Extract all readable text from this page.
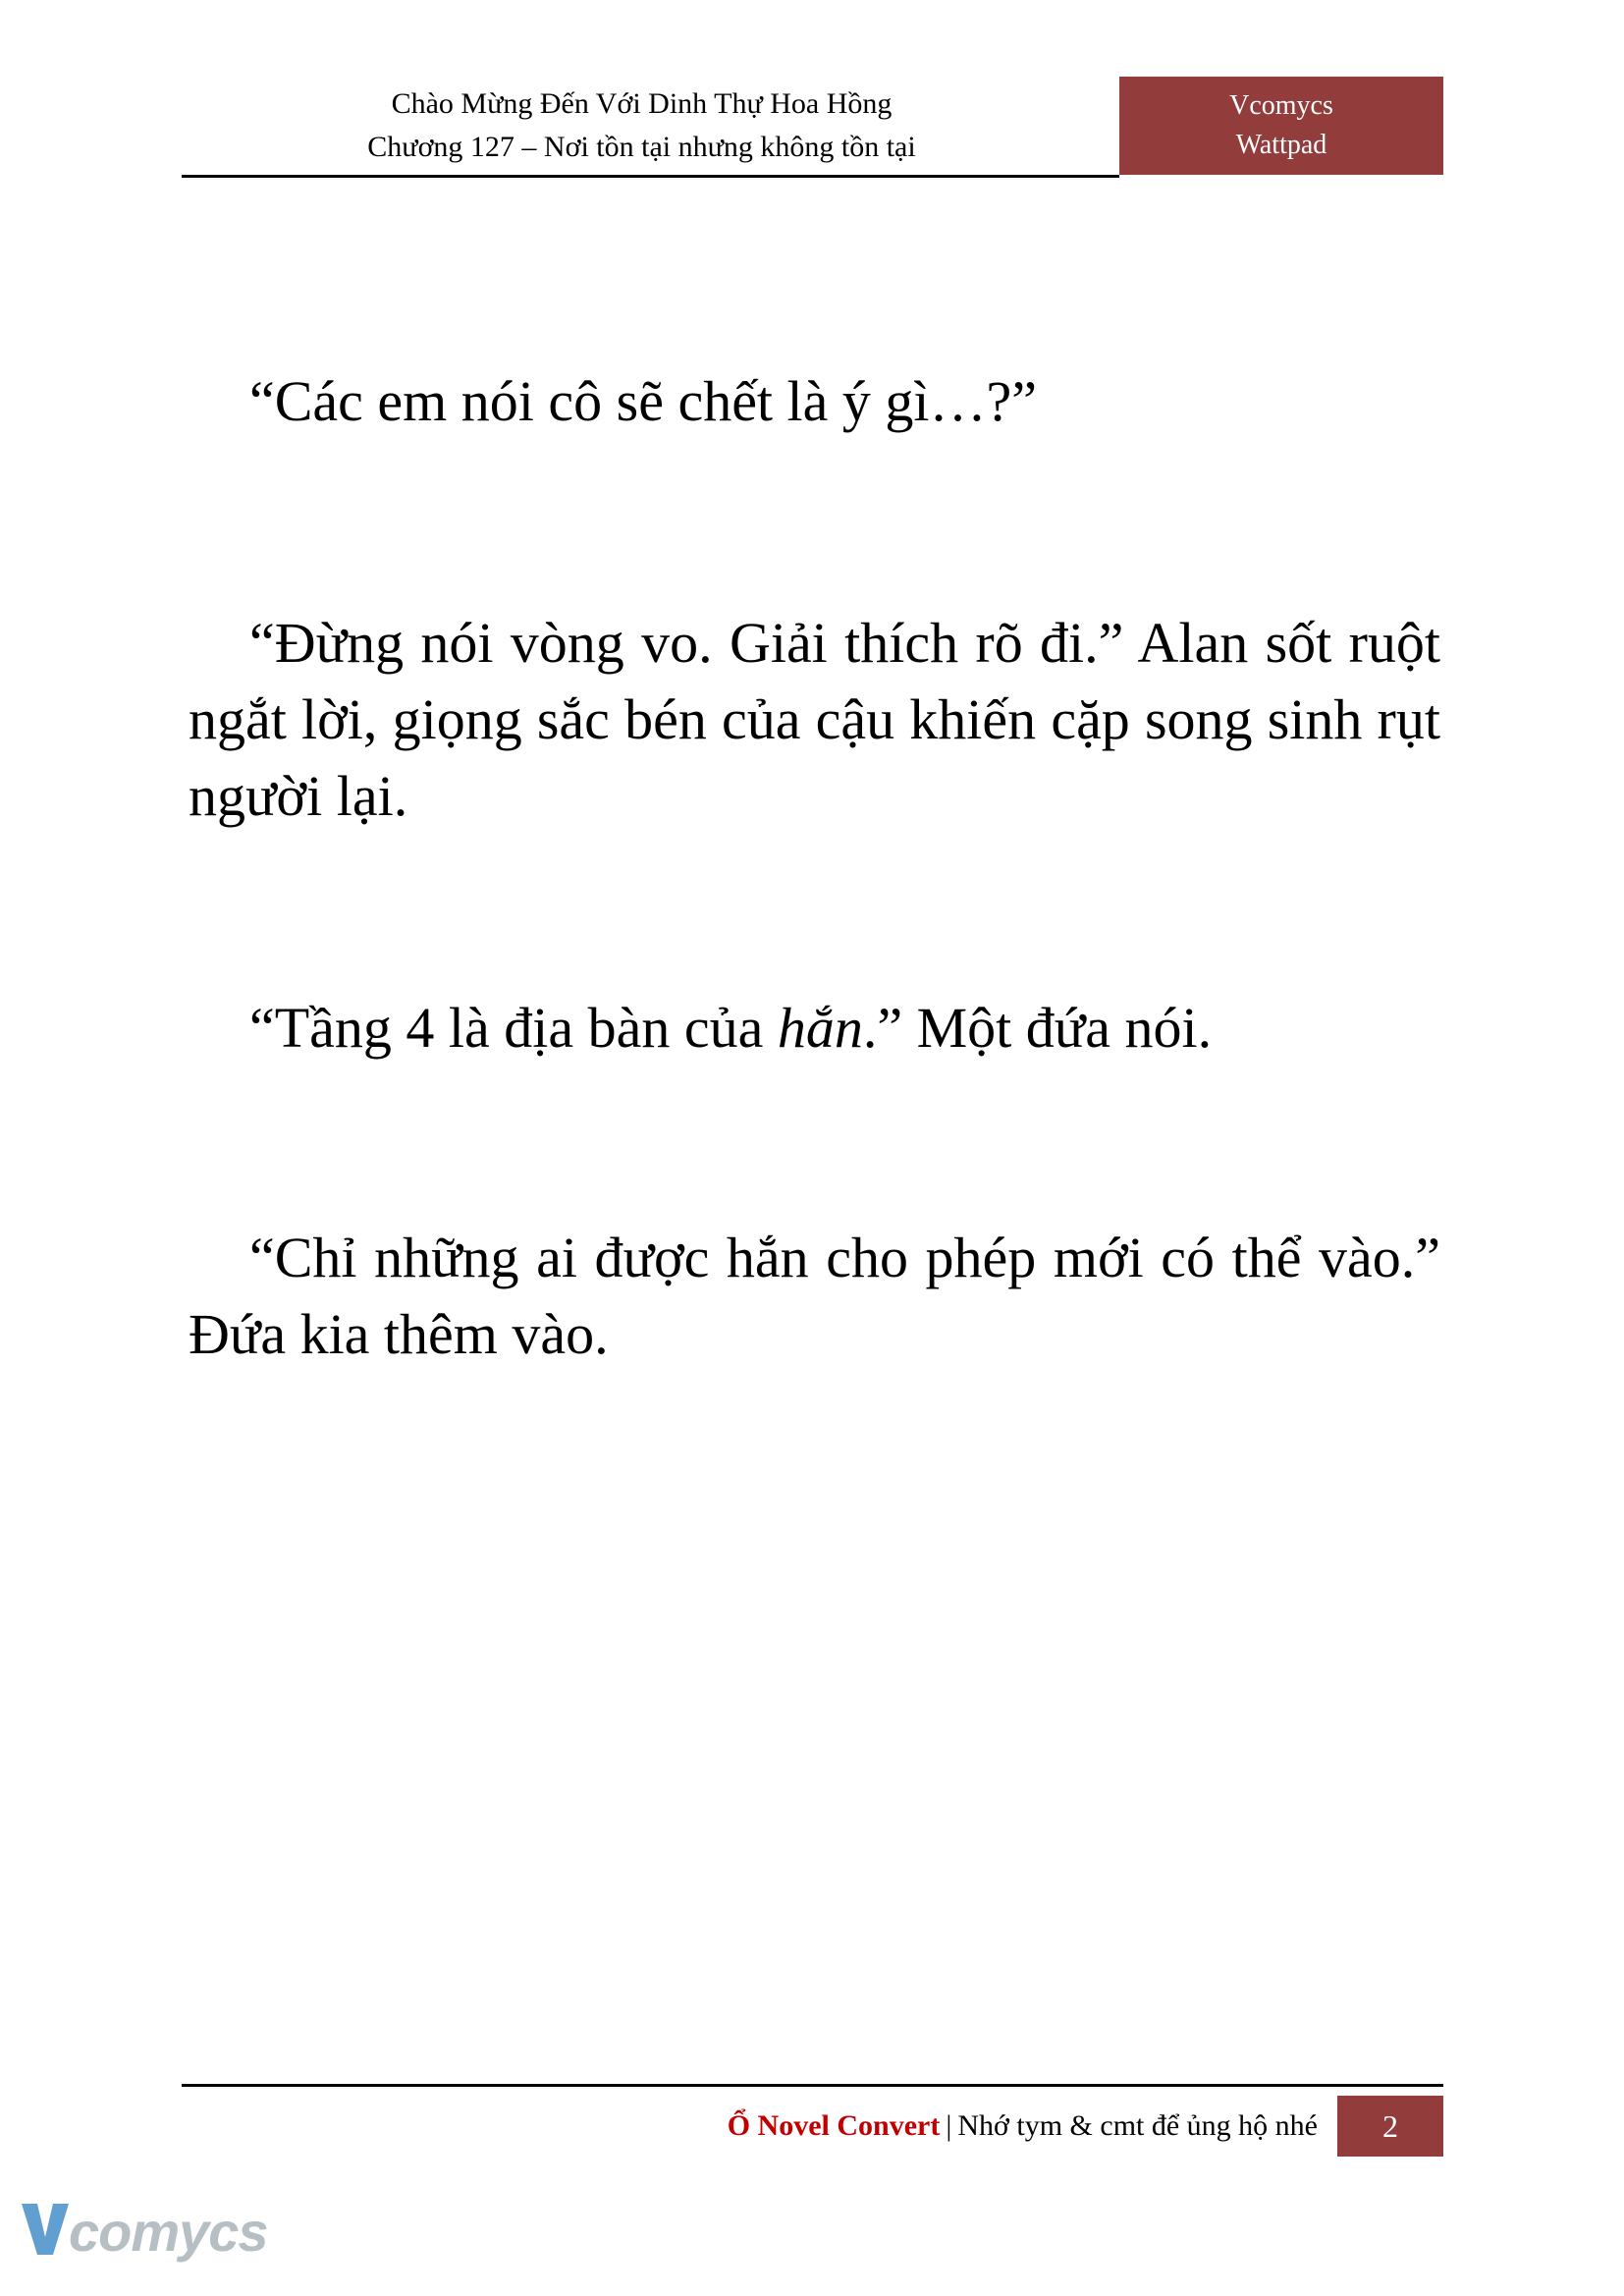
Chào Mừng Đến Với Dinh Thự Hoa Hồng
Chương 127 – Nơi tồn tại nhưng không tồn tại
Vcomycs
Wattpad

“Các em nói cô sẽ chết là ý gì…?”

“Đừng nói vòng vo. Giải thích rõ đi.” Alan sốt ruột ngắt lời, giọng sắc bén của cậu khiến cặp song sinh rụt người lại.

“Tầng 4 là địa bàn của hắn.” Một đứa nói.

“Chỉ những ai được hắn cho phép mới có thể vào.” Đứa kia thêm vào.

Ổ Novel Convert | Nhớ tym & cmt để ủng hộ nhé	2
comycs
